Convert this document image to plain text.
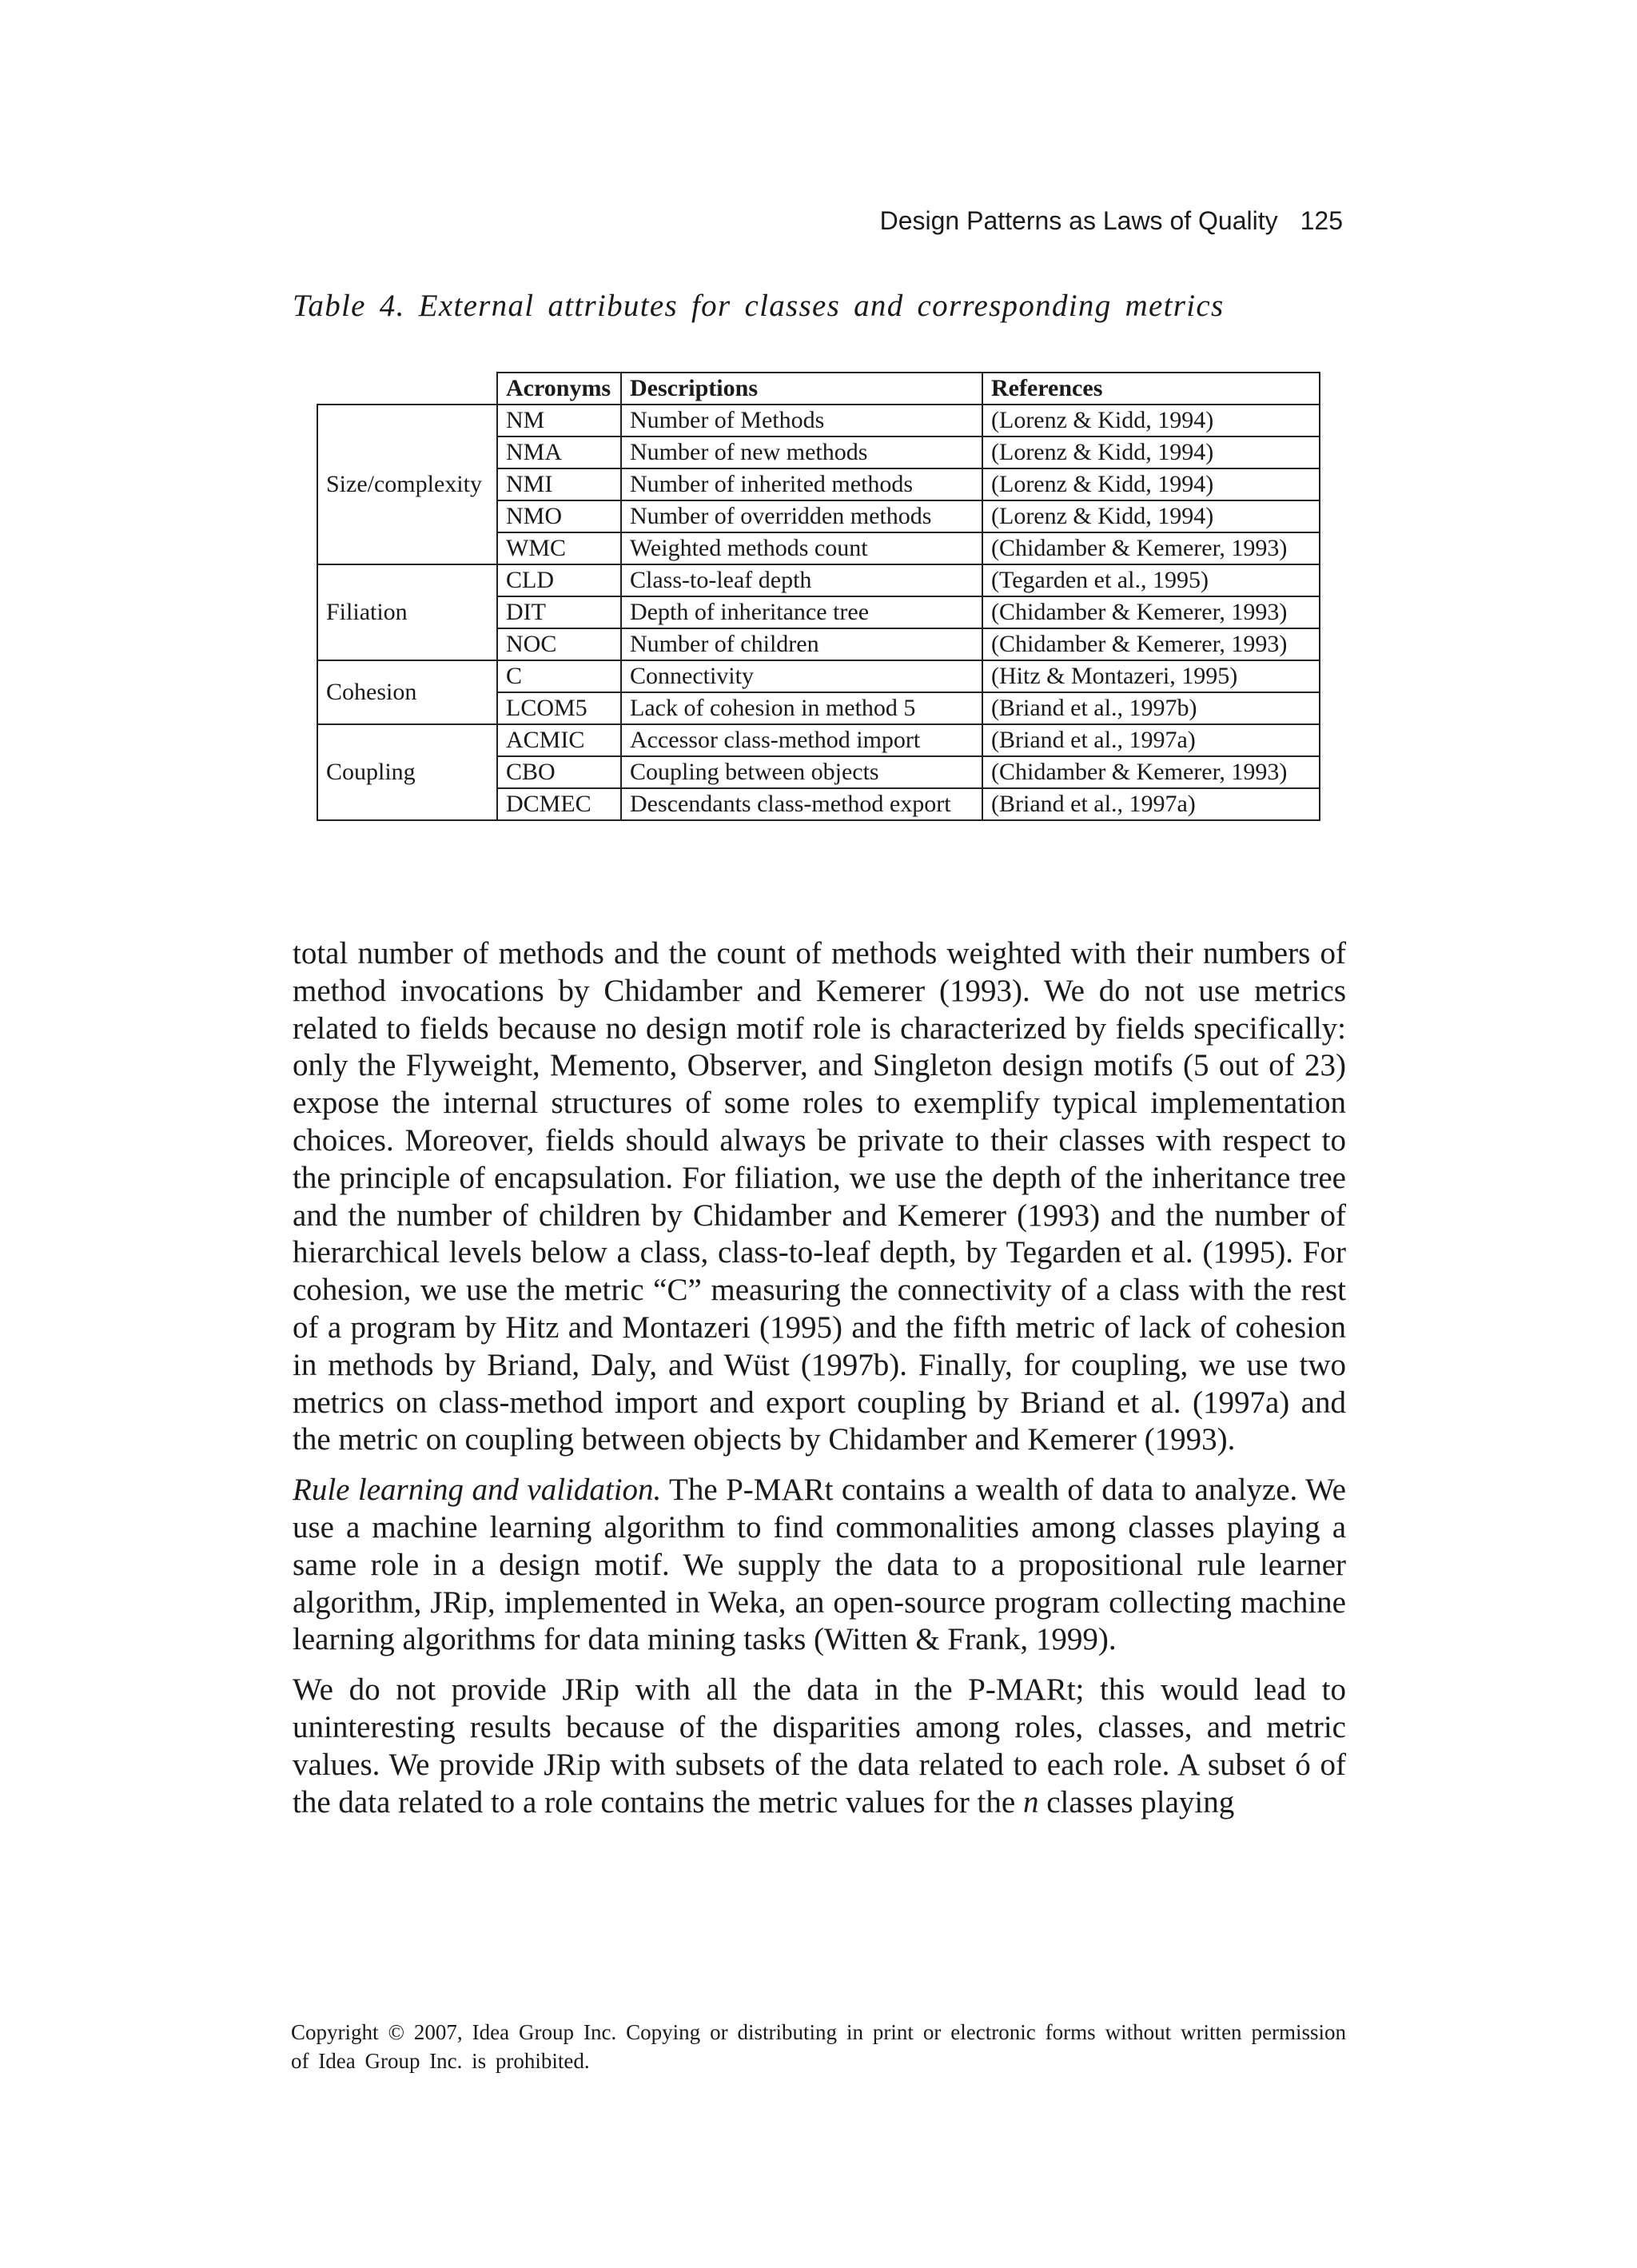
Design Patterns as Laws of Quality 125
Table 4. External attributes for classes and corresponding metrics
	Acronyms	Descriptions	References
Size/complexity	NM	Number of Methods	(Lorenz & Kidd, 1994)
	NMA	Number of new methods	(Lorenz & Kidd, 1994)
	NMI	Number of inherited methods	(Lorenz & Kidd, 1994)
	NMO	Number of overridden methods	(Lorenz & Kidd, 1994)
	WMC	Weighted methods count	(Chidamber & Kemerer, 1993)
Filiation	CLD	Class-to-leaf depth	(Tegarden et al., 1995)
	DIT	Depth of inheritance tree	(Chidamber & Kemerer, 1993)
	NOC	Number of children	(Chidamber & Kemerer, 1993)
Cohesion	C	Connectivity	(Hitz & Montazeri, 1995)
	LCOM5	Lack of cohesion in method 5	(Briand et al., 1997b)
Coupling	ACMIC	Accessor class-method import	(Briand et al., 1997a)
	CBO	Coupling between objects	(Chidamber & Kemerer, 1993)
	DCMEC	Descendants class-method export	(Briand et al., 1997a)

total number of methods and the count of methods weighted with their numbers of method invocations by Chidamber and Kemerer (1993). We do not use metrics related to fields because no design motif role is characterized by fields specifically: only the Flyweight, Memento, Observer, and Singleton design motifs (5 out of 23) expose the internal structures of some roles to exemplify typical implementation choices. Moreover, fields should always be private to their classes with respect to the principle of encapsulation. For filiation, we use the depth of the inheritance tree and the number of children by Chidamber and Kemerer (1993) and the number of hierarchical levels below a class, class-to-leaf depth, by Tegarden et al. (1995). For cohesion, we use the metric “C” measuring the connectivity of a class with the rest of a program by Hitz and Montazeri (1995) and the fifth metric of lack of cohesion in methods by Briand, Daly, and Wüst (1997b). Finally, for coupling, we use two metrics on class-method import and export coupling by Briand et al. (1997a) and the metric on coupling between objects by Chidamber and Kemerer (1993).

Rule learning and validation. The P-MARt contains a wealth of data to analyze. We use a machine learning algorithm to find commonalities among classes playing a same role in a design motif. We supply the data to a propositional rule learner algorithm, JRip, implemented in Weka, an open-source program collecting machine learning algorithms for data mining tasks (Witten & Frank, 1999).

We do not provide JRip with all the data in the P-MARt; this would lead to uninteresting results because of the disparities among roles, classes, and metric values. We provide JRip with subsets of the data related to each role. A subset ó of the data related to a role contains the metric values for the n classes playing

Copyright © 2007, Idea Group Inc. Copying or distributing in print or electronic forms without written permission of Idea Group Inc. is prohibited.
